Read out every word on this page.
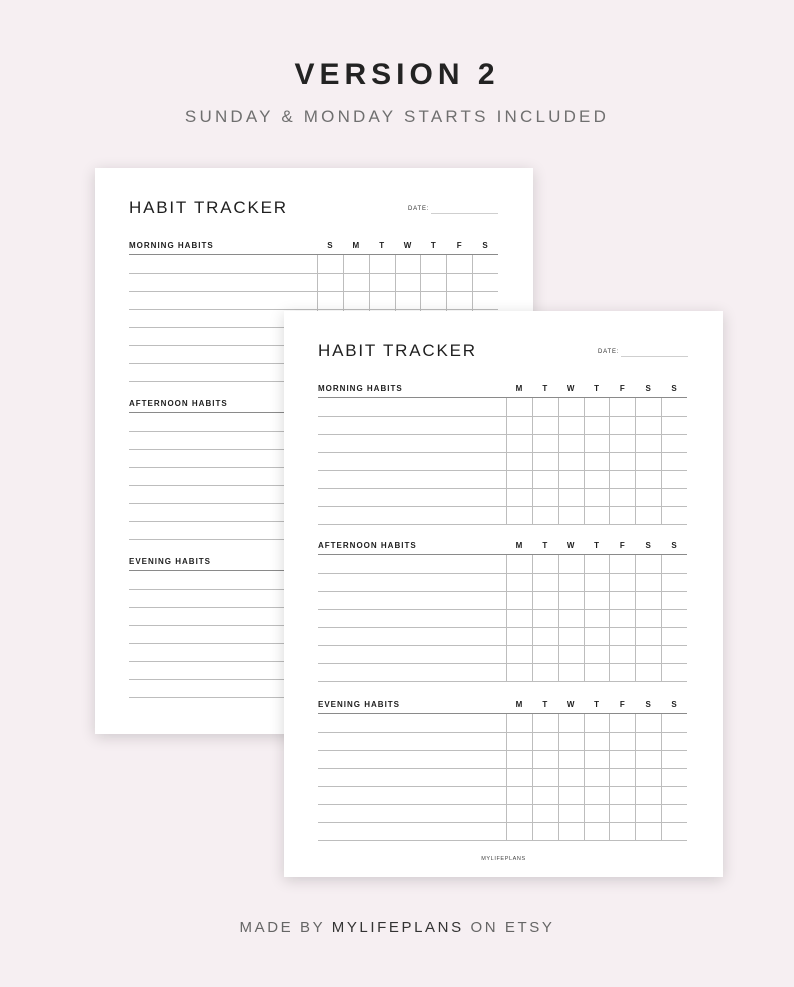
VERSION 2
SUNDAY & MONDAY STARTS INCLUDED
HABIT TRACKER	DATE:
MORNING HABITS	S	M	T	W	T	F	S
AFTERNOON HABITS
EVENING HABITS
HABIT TRACKER	DATE:
MORNING HABITS	M	T	W	T	F	S	S
AFTERNOON HABITS	M	T	W	T	F	S	S
EVENING HABITS	M	T	W	T	F	S	S
MYLIFEPLANS
MADE BY MYLIFEPLANS ON ETSY
